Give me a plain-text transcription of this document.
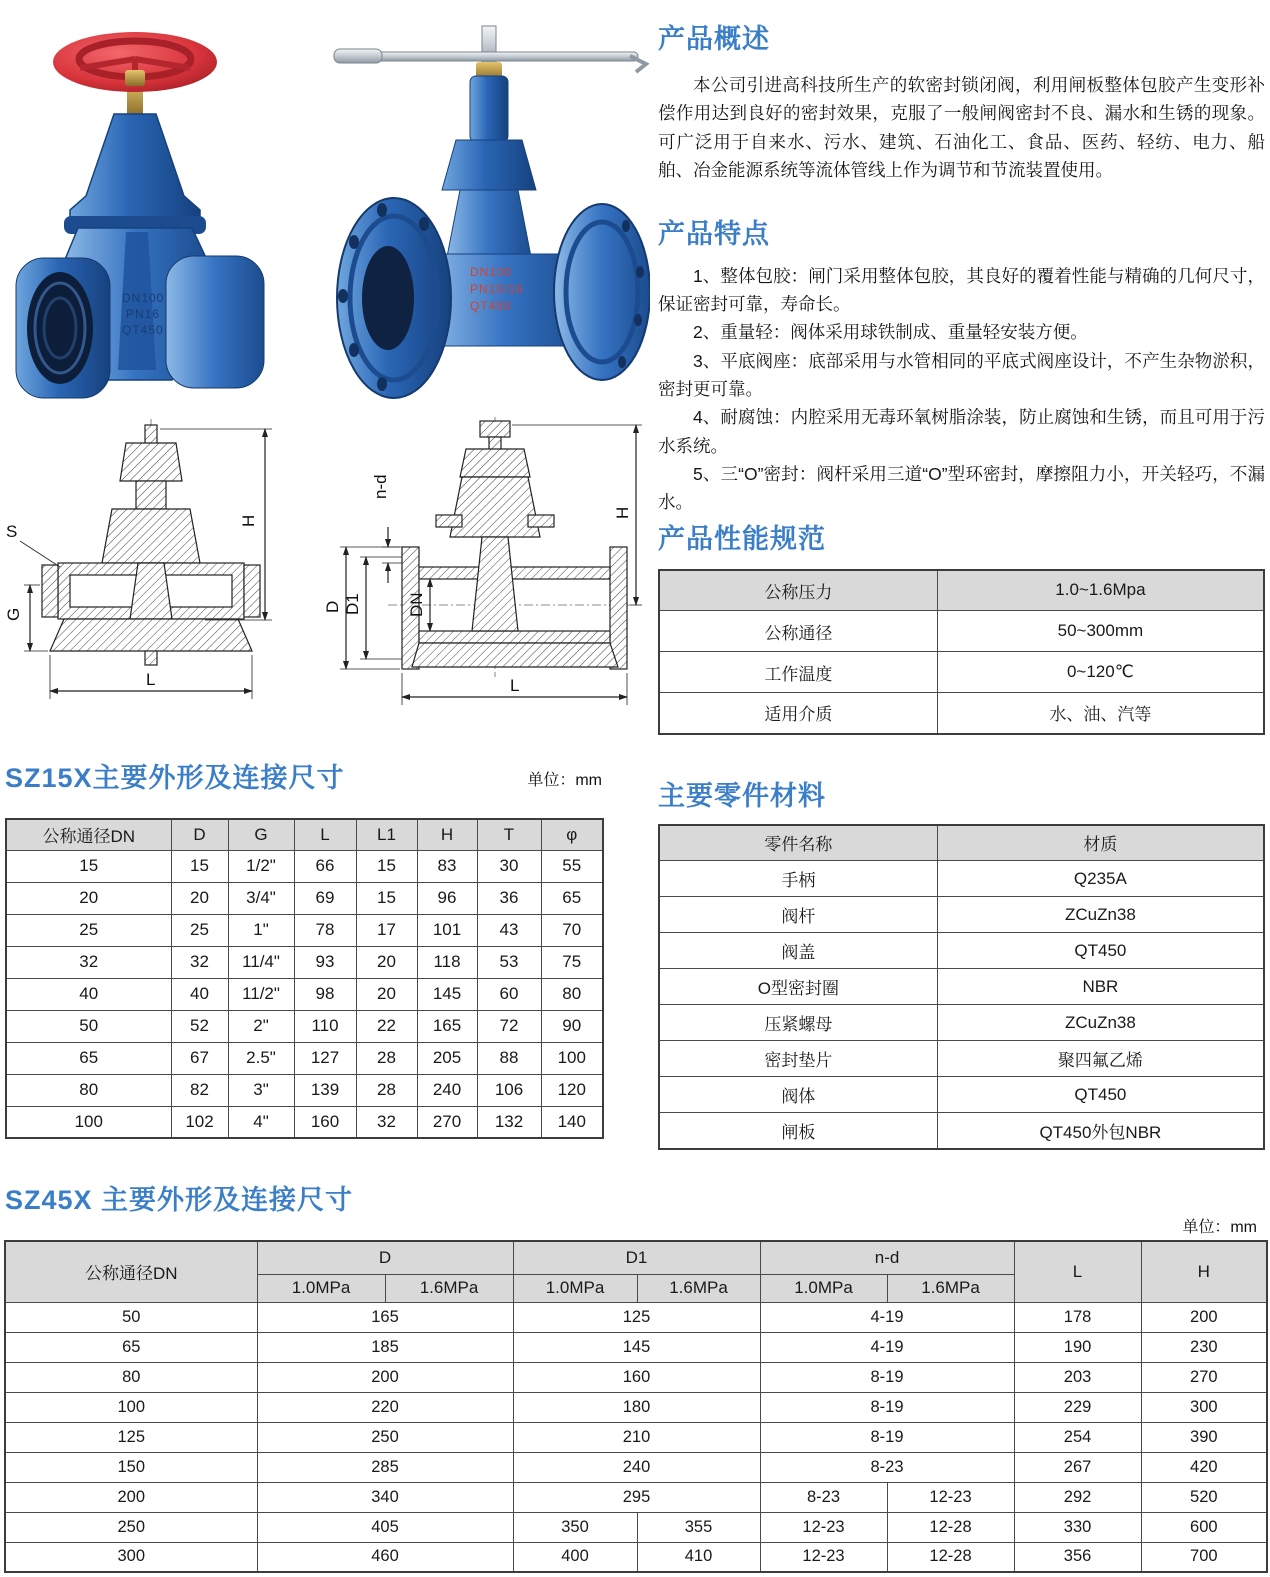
DN100
PN16
QT450
DN100
PN10/16
QT450
H
G
S
L
n-d
D D1	DN
H
L
产品概述

本公司引进高科技所生产的软密封锁闭阀，利用闸板整体包胶产生变形补偿作用达到良好的密封效果，克服了一般闸阀密封不良、漏水和生锈的现象。可广泛用于自来水、污水、建筑、石油化工、食品、医药、轻纺、电力、船舶、冶金能源系统等流体管线上作为调节和节流装置使用。

产品特点

1、整体包胶：闸门采用整体包胶，其良好的覆着性能与精确的几何尺寸，保证密封可靠，寿命长。

2、重量轻：阀体采用球铁制成、重量轻安装方便。

3、平底阀座：底部采用与水管相同的平底式阀座设计，不产生杂物淤积，密封更可靠。

4、耐腐蚀：内腔采用无毒环氧树脂涂装，防止腐蚀和生锈，而且可用于污水系统。

5、三“O”密封：阀杆采用三道“O”型环密封，摩擦阻力小，开关轻巧，不漏水。

产品性能规范
公称压力	1.0~1.6Mpa
公称通径	50~300mm
工作温度	0~120℃
适用介质	水、油、汽等
主要零件材料
零件名称	材质
手柄	Q235A
阀杆	ZCuZn38
阀盖	QT450
O型密封圈	NBR
压紧螺母	ZCuZn38
密封垫片	聚四氟乙烯
阀体	QT450
闸板	QT450外包NBR
SZ15X主要外形及连接尺寸	单位：mm
公称通径DN	D	G	L	L1	H	T	φ
15	15	1/2"	66	15	83	30	55
20	20	3/4"	69	15	96	36	65
25	25	1"	78	17	101	43	70
32	32	11/4"	93	20	118	53	75
40	40	11/2"	98	20	145	60	80
50	52	2"	110	22	165	72	90
65	67	2.5"	127	28	205	88	100
80	82	3"	139	28	240	106	120
100	102	4"	160	32	270	132	140
SZ45X 主要外形及连接尺寸
单位：mm
公称通径DN	D		D1		n-d		L	H
	1.0MPa	1.6MPa	1.0MPa	1.6MPa	1.0MPa	1.6MPa		
50	165		125		4-19		178	200
65	185		145		4-19		190	230
80	200		160		8-19		203	270
100	220		180		8-19		229	300
125	250		210		8-19		254	390
150	285		240		8-23		267	420
200	340		295		8-23	12-23	292	520
250	405		350	355	12-23	12-28	330	600
300	460		400	410	12-23	12-28	356	700
